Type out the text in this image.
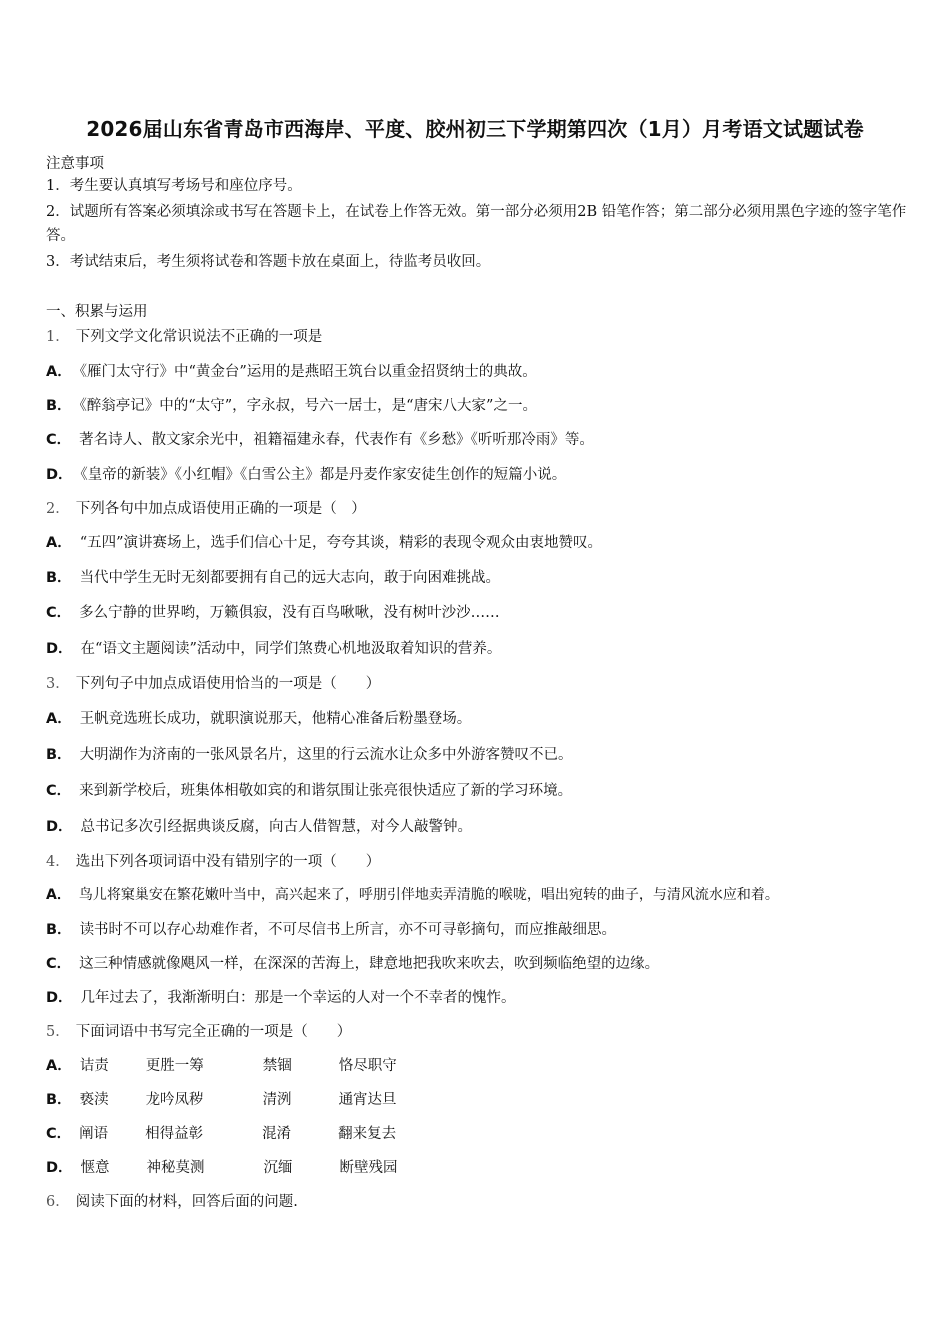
2026届山东省青岛市西海岸、平度、胶州初三下学期第四次（1月）月考语文试题试卷
注意事项
1．考生要认真填写考场号和座位序号。
2．试题所有答案必须填涂或书写在答题卡上，在试卷上作答无效。第一部分必须用2B 铅笔作答；第二部分必须用黑色字迹的签字笔作答。
3．考试结束后，考生须将试卷和答题卡放在桌面上，待监考员收回。
一、积累与运用
1． 下列文学文化常识说法不正确的一项是
A． 《雁门太守行》中“黄金台”运用的是燕昭王筑台以重金招贤纳士的典故。
B． 《醉翁亭记》中的“太守”，字永叔，号六一居士，是“唐宋八大家”之一。
C． 著名诗人、散文家余光中，祖籍福建永春，代表作有《乡愁》《听听那冷雨》等。
D． 《皇帝的新装》《小红帽》《白雪公主》都是丹麦作家安徒生创作的短篇小说。
2． 下列各句中加点成语使用正确的一项是（　）
A． “五四”演讲赛场上，选手们信心十足，夸夸其谈，精彩的表现令观众由衷地赞叹。
B． 当代中学生无时无刻都要拥有自己的远大志向，敢于向困难挑战。
C． 多么宁静的世界哟，万籁俱寂，没有百鸟啾啾，没有树叶沙沙……
D． 在“语文主题阅读”活动中，同学们煞费心机地汲取着知识的营养。
3． 下列句子中加点成语使用恰当的一项是（　　）
A． 王帆竞选班长成功，就职演说那天，他精心准备后粉墨登场。
B． 大明湖作为济南的一张风景名片，这里的行云流水让众多中外游客赞叹不已。
C． 来到新学校后，班集体相敬如宾的和谐氛围让张亮很快适应了新的学习环境。
D． 总书记多次引经据典谈反腐，向古人借智慧，对今人敲警钟。
4． 选出下列各项词语中没有错别字的一项（　　）
A． 鸟儿将窠巢安在繁花嫩叶当中，高兴起来了，呼朋引伴地卖弄清脆的喉咙，唱出宛转的曲子，与清风流水应和着。
B． 读书时不可以存心劫难作者，不可尽信书上所言，亦不可寻彰摘句，而应推敲细思。
C． 这三种情感就像飓风一样，在深深的苦海上，肆意地把我吹来吹去，吹到频临绝望的边缘。
D． 几年过去了，我渐渐明白：那是一个幸运的人对一个不幸者的愧怍。
5． 下面词语中书写完全正确的一项是（　　）
A． 诘责	更胜一筹	禁锢	恪尽职守
B． 亵渎	龙吟凤秽	清洌	通宵达旦
C． 阐语	相得益彰	混淆	翻来复去
D． 惬意	神秘莫测	沉缅	断壁残园
6． 阅读下面的材料，回答后面的问题.
